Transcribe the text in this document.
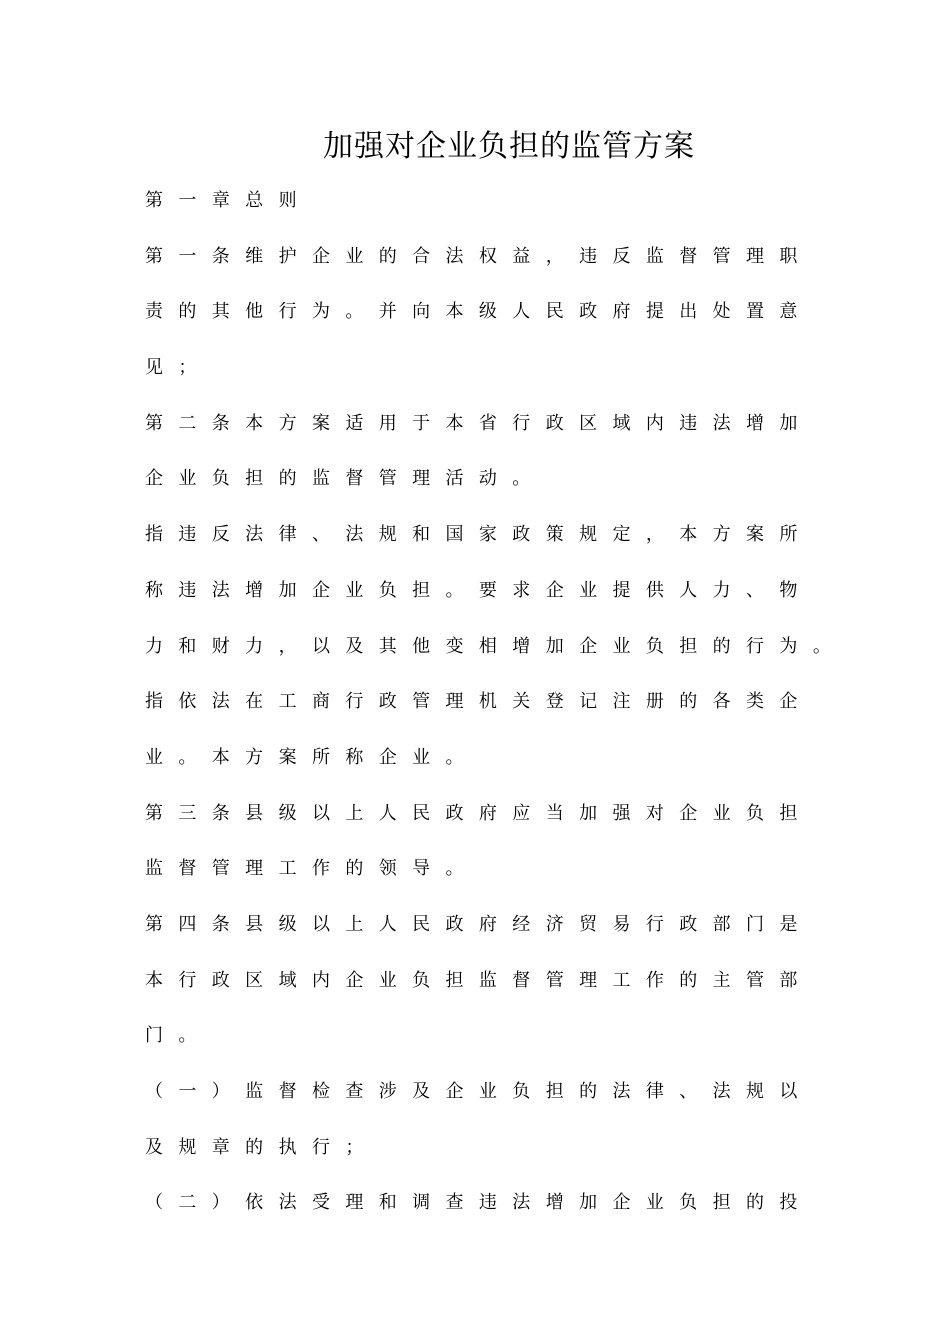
加强对企业负担的监管方案
第 一 章 总 则
第 一 条 维 护 企 业 的 合 法 权 益 ， 违 反 监 督 管 理 职
责 的 其 他 行 为 。 并 向 本 级 人 民 政 府 提 出 处 置 意
见 ；
第 二 条 本 方 案 适 用 于 本 省 行 政 区 域 内 违 法 增 加
企 业 负 担 的 监 督 管 理 活 动 。
指 违 反 法 律 、 法 规 和 国 家 政 策 规 定 ， 本 方 案 所
称 违 法 增 加 企 业 负 担 。 要 求 企 业 提 供 人 力 、 物
力 和 财 力 ， 以 及 其 他 变 相 增 加 企 业 负 担 的 行 为 。
指 依 法 在 工 商 行 政 管 理 机 关 登 记 注 册 的 各 类 企
业 。 本 方 案 所 称 企 业 。
第 三 条 县 级 以 上 人 民 政 府 应 当 加 强 对 企 业 负 担
监 督 管 理 工 作 的 领 导 。
第 四 条 县 级 以 上 人 民 政 府 经 济 贸 易 行 政 部 门 是
本 行 政 区 域 内 企 业 负 担 监 督 管 理 工 作 的 主 管 部
门 。
（ 一 ） 监 督 检 查 涉 及 企 业 负 担 的 法 律 、 法 规 以
及 规 章 的 执 行 ；
（ 二 ） 依 法 受 理 和 调 查 违 法 增 加 企 业 负 担 的 投
